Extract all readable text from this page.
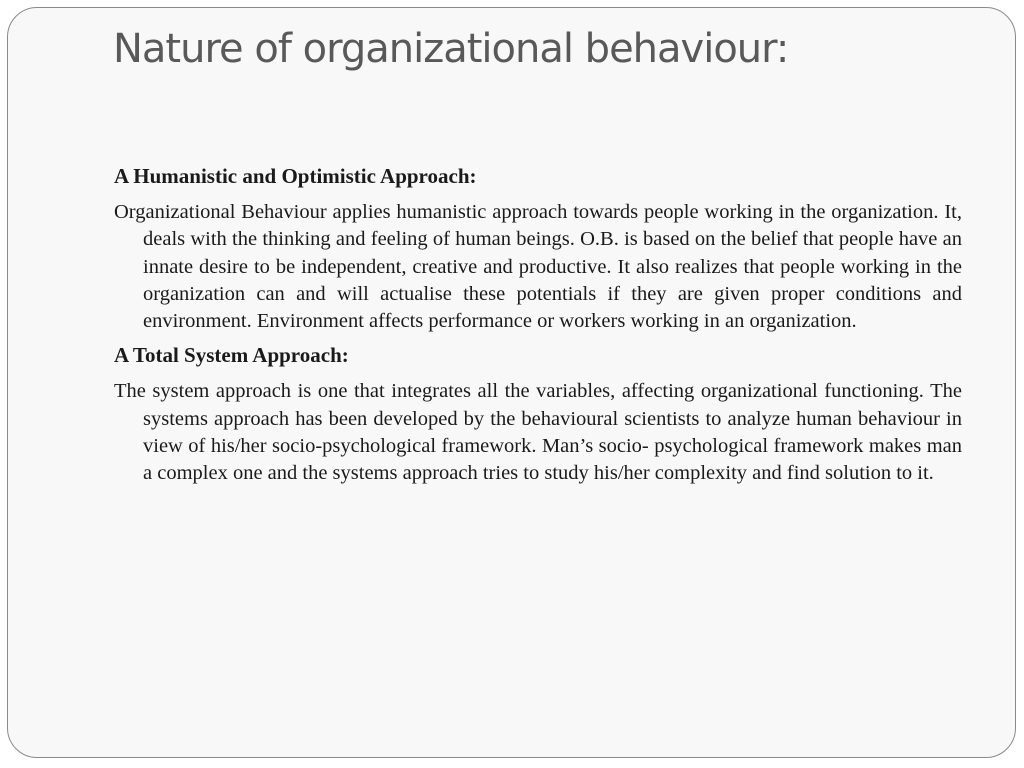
Nature of organizational behaviour:

A Humanistic and Optimistic Approach:

Organizational Behaviour applies humanistic approach towards people working in the organization. It, deals with the thinking and feeling of human beings. O.B. is based on the belief that people have an innate desire to be independent, creative and productive. It also realizes that people working in the organization can and will actualise these potentials if they are given proper conditions and environment. Environment affects performance or workers working in an organization.

A Total System Approach:

The system approach is one that integrates all the variables, affecting organizational functioning. The systems approach has been developed by the behavioural scientists to analyze human behaviour in view of his/her socio-psychological framework. Man’s socio- psychological framework makes man a complex one and the systems approach tries to study his/her complexity and find solution to it.
